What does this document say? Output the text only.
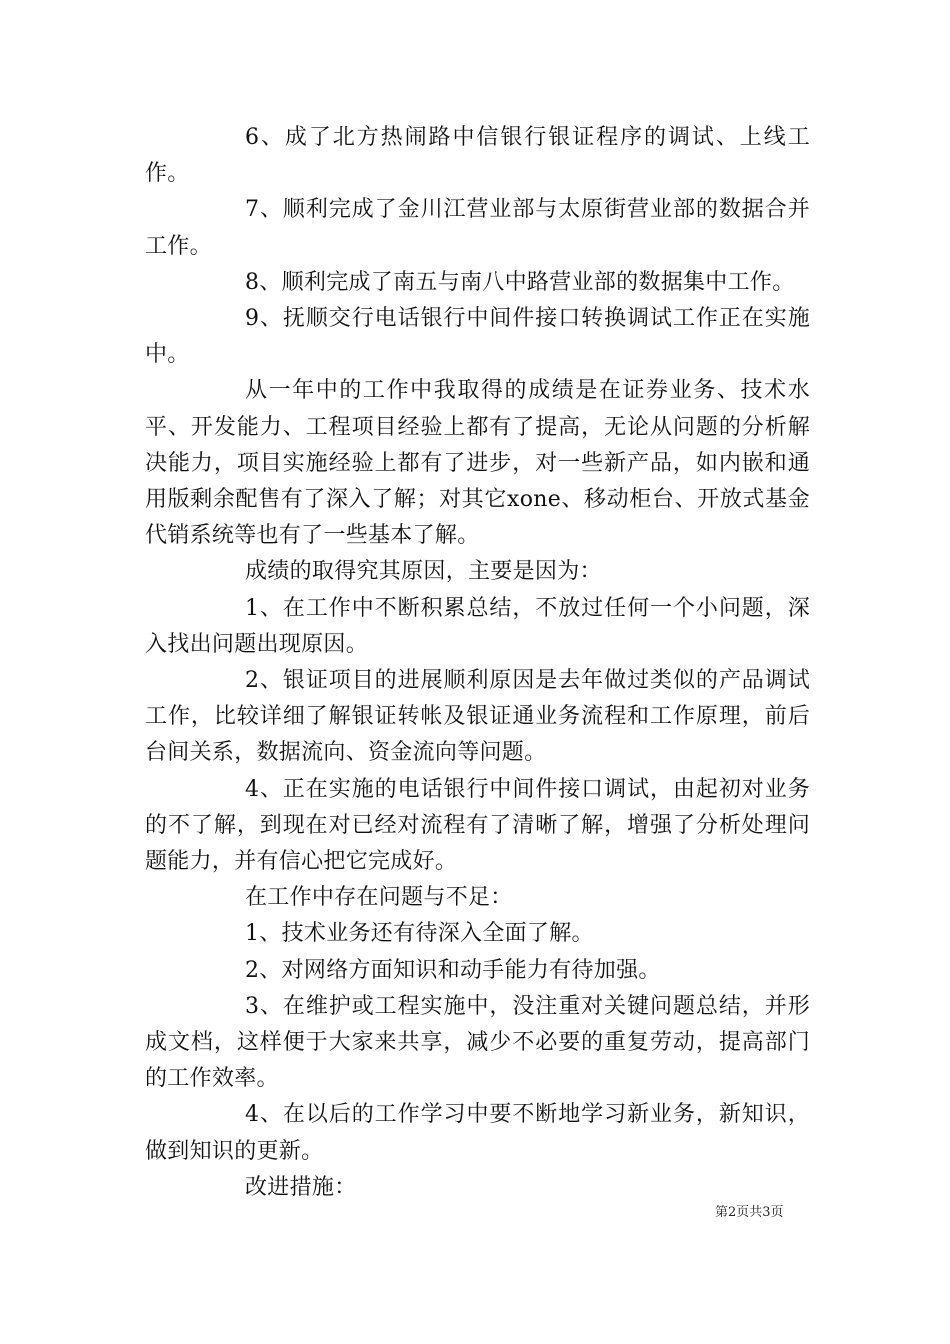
6、成了北方热闹路中信银行银证程序的调试、上线工作。

7、顺利完成了金川江营业部与太原街营业部的数据合并工作。

8、顺利完成了南五与南八中路营业部的数据集中工作。

9、抚顺交行电话银行中间件接口转换调试工作正在实施中。

从一年中的工作中我取得的成绩是在证券业务、技术水平、开发能力、工程项目经验上都有了提高，无论从问题的分析解决能力，项目实施经验上都有了进步，对一些新产品，如内嵌和通用版剩余配售有了深入了解；对其它xone、移动柜台、开放式基金代销系统等也有了一些基本了解。

成绩的取得究其原因，主要是因为：

1、在工作中不断积累总结，不放过任何一个小问题，深入找出问题出现原因。

2、银证项目的进展顺利原因是去年做过类似的产品调试工作，比较详细了解银证转帐及银证通业务流程和工作原理，前后台间关系，数据流向、资金流向等问题。

4、正在实施的电话银行中间件接口调试，由起初对业务的不了解，到现在对已经对流程有了清晰了解，增强了分析处理问题能力，并有信心把它完成好。

在工作中存在问题与不足：

1、技术业务还有待深入全面了解。

2、对网络方面知识和动手能力有待加强。

3、在维护或工程实施中，没注重对关键问题总结，并形成文档，这样便于大家来共享，减少不必要的重复劳动，提高部门的工作效率。

4、在以后的工作学习中要不断地学习新业务，新知识，做到知识的更新。

改进措施：

第2页共3页
